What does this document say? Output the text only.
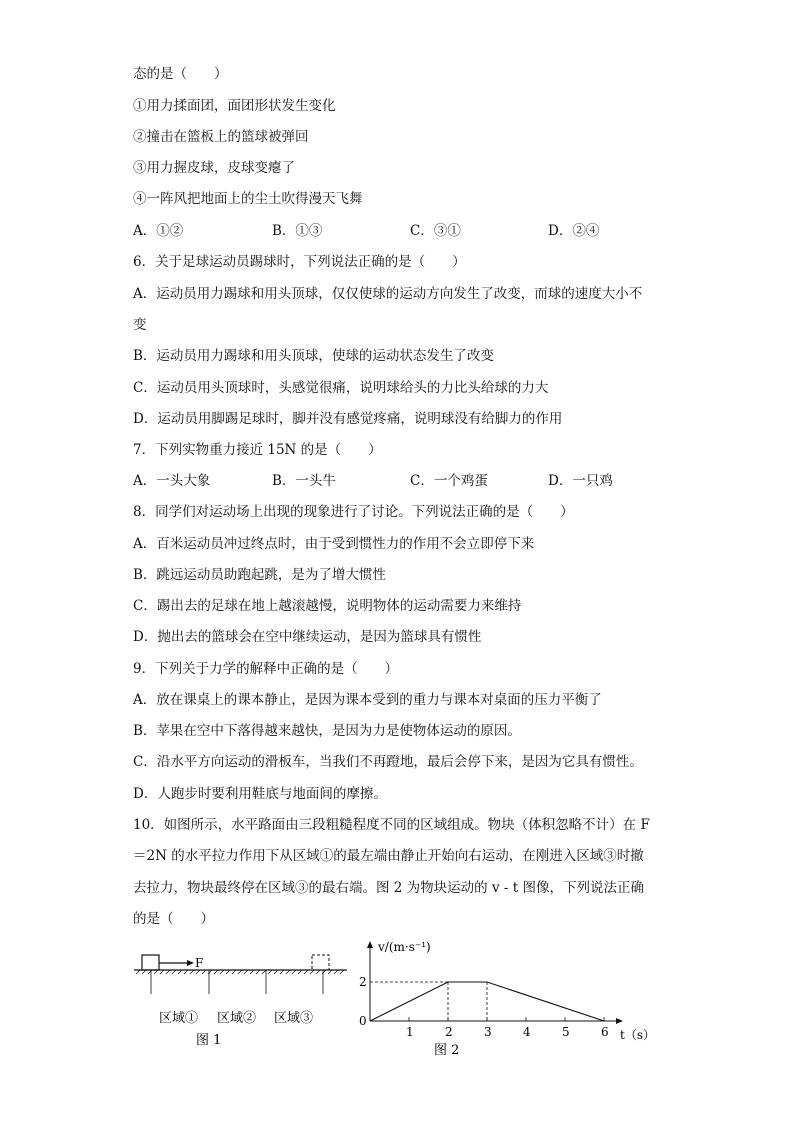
态的是（　　）
①用力揉面团，面团形状发生变化
②撞击在篮板上的篮球被弹回
③用力握皮球，皮球变瘪了
④一阵风把地面上的尘土吹得漫天飞舞
A．①②	B．①③	C．③①	D．②④
6．关于足球运动员踢球时，下列说法正确的是（　　）
A．运动员用力踢球和用头顶球，仅仅使球的运动方向发生了改变，而球的速度大小不
变
B．运动员用力踢球和用头顶球，使球的运动状态发生了改变
C．运动员用头顶球时，头感觉很痛，说明球给头的力比头给球的力大
D．运动员用脚踢足球时，脚并没有感觉疼痛，说明球没有给脚力的作用
7．下列实物重力接近 15N 的是（　　）
A．一头大象	B．一头牛	C．一个鸡蛋	D．一只鸡
8．同学们对运动场上出现的现象进行了讨论。下列说法正确的是（　　）
A．百米运动员冲过终点时，由于受到惯性力的作用不会立即停下来
B．跳远运动员助跑起跳，是为了增大惯性
C．踢出去的足球在地上越滚越慢，说明物体的运动需要力来维持
D．抛出去的篮球会在空中继续运动，是因为篮球具有惯性
9．下列关于力学的解释中正确的是（　　）
A．放在课桌上的课本静止，是因为课本受到的重力与课本对桌面的压力平衡了
B．苹果在空中下落得越来越快，是因为力是使物体运动的原因。
C．沿水平方向运动的滑板车，当我们不再蹬地，最后会停下来，是因为它具有惯性。
D．人跑步时要利用鞋底与地面间的摩擦。
10．如图所示，水平路面由三段粗糙程度不同的区域组成。物块（体积忽略不计）在 F
＝2N 的水平拉力作用下从区域①的最左端由静止开始向右运动，在刚进入区域③时撤
去拉力，物块最终停在区域③的最右端。图 2 为物块运动的 v - t 图像，下列说法正确
的是（　　）
F
区域① 区域② 区域③
图 1
v/(m·s⁻¹)
t（s）
0
2
1	2	3	4	5	6
图 2
